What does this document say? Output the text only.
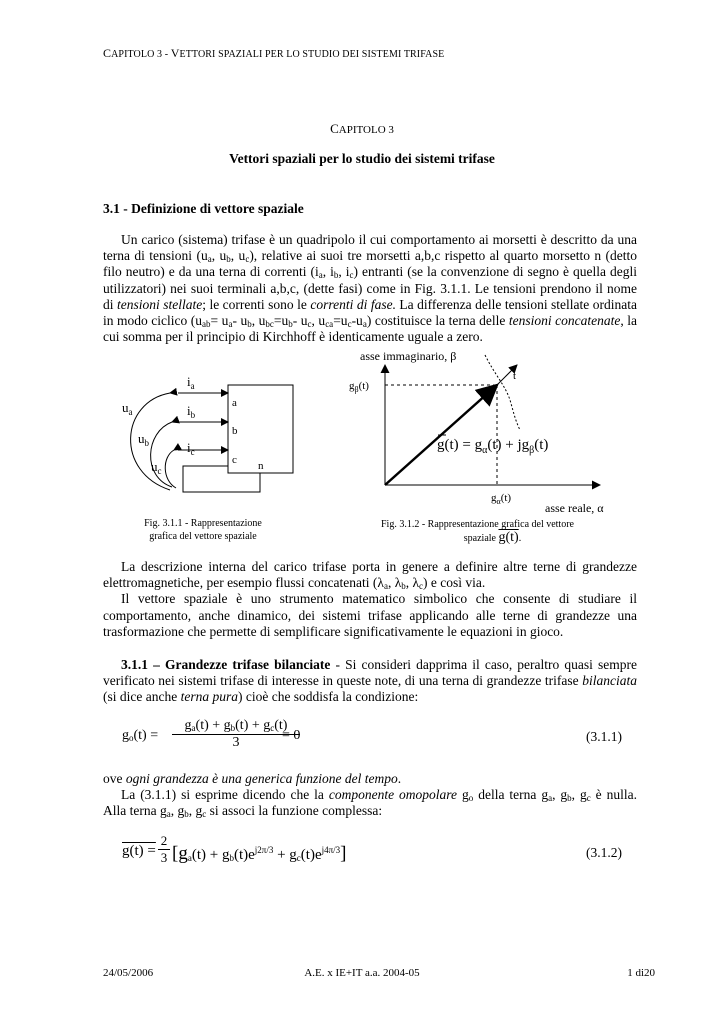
CAPITOLO 3 - VETTORI SPAZIALI PER LO STUDIO DEI SISTEMI TRIFASE
CAPITOLO 3
Vettori spaziali per lo studio dei sistemi trifase
3.1 - Definizione di vettore spaziale

Un carico (sistema) trifase è un quadripolo il cui comportamento ai morsetti è descritto da una terna di tensioni ($u_a$, $u_b$, $u_c$), relative ai suoi tre morsetti a,b,c rispetto al quarto morsetto n (detto filo neutro) e da una terna di correnti ($i_a$, $i_b$, $i_c$) entranti (se la convenzione di segno è quella degli utilizzatori) nei suoi terminali a,b,c, (dette fasi) come in Fig. 3.1.1. Le tensioni prendono il nome di tensioni stellate; le correnti sono le correnti di fase. La differenza delle tensioni stellate ordinata in modo ciclico ($u_{ab}= u_a-$ $u_b$, $u_{bc}=u_b-$ $u_c$, $u_{ca}=u_c-u_a$) costituisce la terna delle tensioni concatenate, la cui somma per il principio di Kirchhoff è identicamente uguale a zero.

$i_a$
$i_b$
$i_c$
$u_a$
$u_b$
$u_c$
a
b
c n
Fig. 3.1.1 - Rappresentazione
grafica del vettore spaziale
asse immaginario, β
asse reale, α
$g_\beta(t)$
$g_\alpha(t)$
t
$g(t) = g_\alpha(t) + jg_\beta(t)$
Fig. 3.1.2 - Rappresentazione grafica del vettore
spaziale g(t).

La descrizione interna del carico trifase porta in genere a definire altre terne di grandezze elettromagnetiche, per esempio flussi concatenati ($\lambda_a$, $\lambda_b$, $\lambda_c$) e così via.

Il vettore spaziale è uno strumento matematico simbolico che consente di studiare il comportamento, anche dinamico, dei sistemi trifase applicando alle terne di grandezze una trasformazione che permette di semplificare significativamente le equazioni in gioco.

3.1.1 – Grandezze trifase bilanciate - Si consideri dapprima il caso, peraltro quasi sempre verificato nei sistemi trifase di interesse in queste note, di una terna di grandezze trifase bilanciata (si dice anche terna pura) cioè che soddisfa la condizione:

$g_o(t) = \frac{g_a(t) + g_b(t) + g_c(t)}{3}$
= 0	(3.1.1)

ove ogni grandezza è una generica funzione del tempo.

La (3.1.1) si esprime dicendo che la componente omopolare $g_o$ della terna $g_a$, $g_b$, $g_c$ è nulla. Alla terna $g_a$, $g_b$, $g_c$ si associ la funzione complessa:

$g(t) = \frac{2}{3} [g_a(t) + g_b(t)e^{j2\pi/3} + g_c(t)e^{j4\pi/3}]$	(3.1.2)
24/05/2006	A.E. x IE+IT a.a. 2004-05	1 di20
